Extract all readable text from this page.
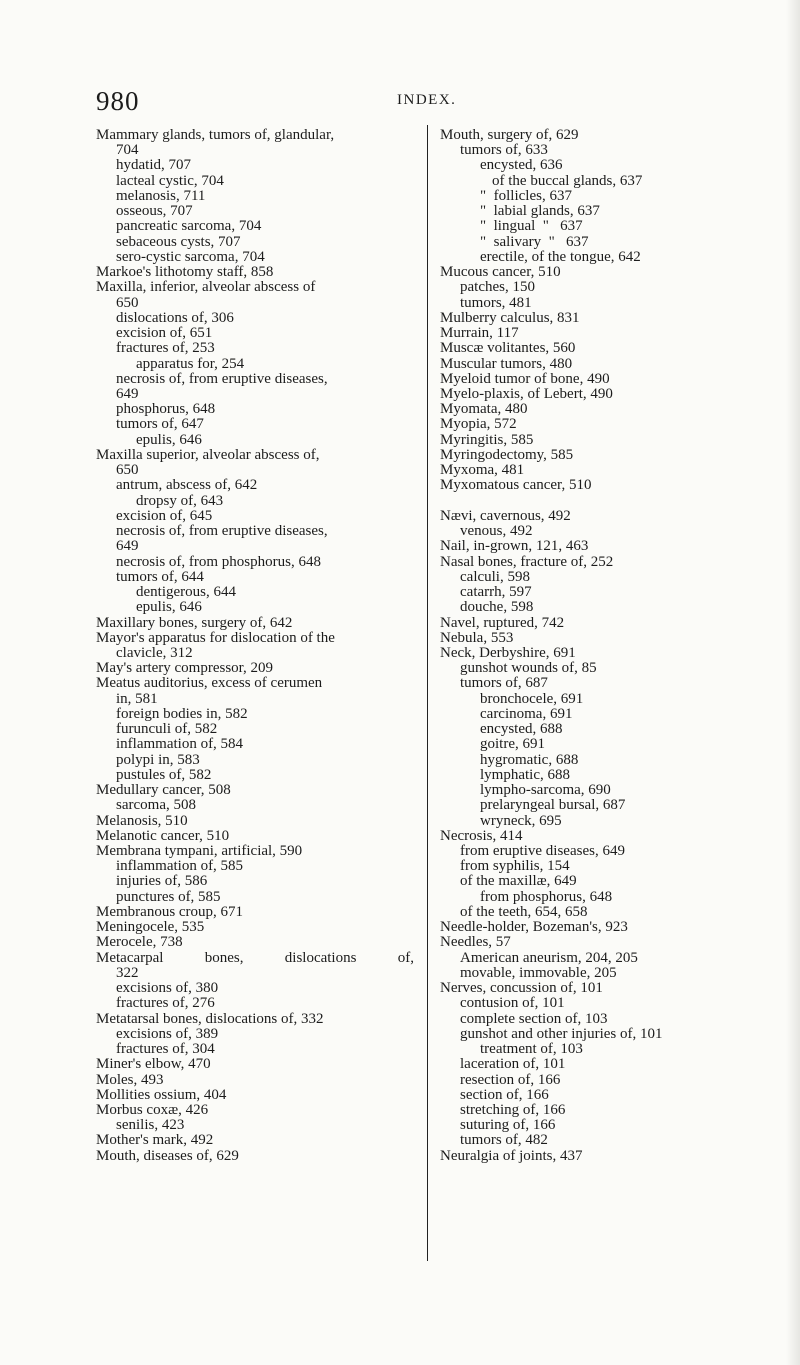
980	INDEX.
Mammary glands, tumors of, glandular,
704
hydatid, 707
lacteal cystic, 704
melanosis, 711
osseous, 707
pancreatic sarcoma, 704
sebaceous cysts, 707
sero-cystic sarcoma, 704
Markoe's lithotomy staff, 858
Maxilla, inferior, alveolar abscess of
650
dislocations of, 306
excision of, 651
fractures of, 253
apparatus for, 254
necrosis of, from eruptive diseases,
649
phosphorus, 648
tumors of, 647
epulis, 646
Maxilla superior, alveolar abscess of,
650
antrum, abscess of, 642
dropsy of, 643
excision of, 645
necrosis of, from eruptive diseases,
649
necrosis of, from phosphorus, 648
tumors of, 644
dentigerous, 644
epulis, 646
Maxillary bones, surgery of, 642
Mayor's apparatus for dislocation of the
clavicle, 312
May's artery compressor, 209
Meatus auditorius, excess of cerumen
in, 581
foreign bodies in, 582
furunculi of, 582
inflammation of, 584
polypi in, 583
pustules of, 582
Medullary cancer, 508
sarcoma, 508
Melanosis, 510
Melanotic cancer, 510
Membrana tympani, artificial, 590
inflammation of, 585
injuries of, 586
punctures of, 585
Membranous croup, 671
Meningocele, 535
Merocele, 738
Metacarpal	bones,	dislocations	of,
322
excisions of, 380
fractures of, 276
Metatarsal bones, dislocations of, 332
excisions of, 389
fractures of, 304
Miner's elbow, 470
Moles, 493
Mollities ossium, 404
Morbus coxæ, 426
senilis, 423
Mother's mark, 492
Mouth, diseases of, 629
Mouth, surgery of, 629
tumors of, 633
encysted, 636
of the buccal glands, 637
"  follicles, 637
"  labial glands, 637
"  lingual  "   637
"  salivary  "   637
erectile, of the tongue, 642
Mucous cancer, 510
patches, 150
tumors, 481
Mulberry calculus, 831
Murrain, 117
Muscæ volitantes, 560
Muscular tumors, 480
Myeloid tumor of bone, 490
Myelo-plaxis, of Lebert, 490
Myomata, 480
Myopia, 572
Myringitis, 585
Myringodectomy, 585
Myxoma, 481
Myxomatous cancer, 510
Nævi, cavernous, 492
venous, 492
Nail, in-grown, 121, 463
Nasal bones, fracture of, 252
calculi, 598
catarrh, 597
douche, 598
Navel, ruptured, 742
Nebula, 553
Neck, Derbyshire, 691
gunshot wounds of, 85
tumors of, 687
bronchocele, 691
carcinoma, 691
encysted, 688
goitre, 691
hygromatic, 688
lymphatic, 688
lympho-sarcoma, 690
prelaryngeal bursal, 687
wryneck, 695
Necrosis, 414
from eruptive diseases, 649
from syphilis, 154
of the maxillæ, 649
from phosphorus, 648
of the teeth, 654, 658
Needle-holder, Bozeman's, 923
Needles, 57
American aneurism, 204, 205
movable, immovable, 205
Nerves, concussion of, 101
contusion of, 101
complete section of, 103
gunshot and other injuries of, 101
treatment of, 103
laceration of, 101
resection of, 166
section of, 166
stretching of, 166
suturing of, 166
tumors of, 482
Neuralgia of joints, 437
